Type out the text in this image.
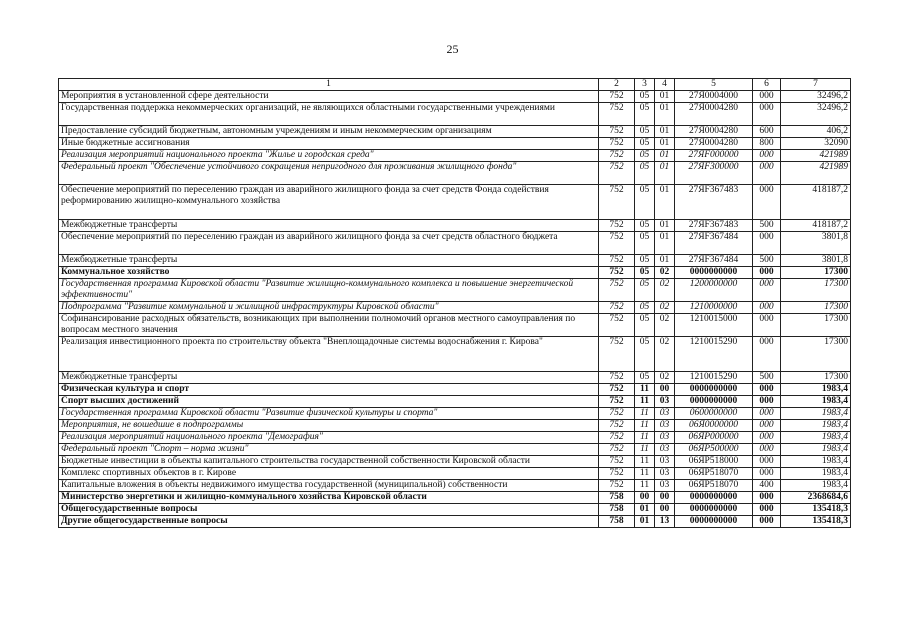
25
1	2	3	4	5	6	7
Мероприятия в установленной сфере деятельности	752	05	01	27Я0004000	000	32496,2
Государственная поддержка некоммерческих организаций, не являющихся областными государственными учреждениями	752	05	01	27Я0004280	000	32496,2
Предоставление субсидий бюджетным, автономным учреждениям и иным некоммерческим организациям	752	05	01	27Я0004280	600	406,2
Иные бюджетные ассигнования	752	05	01	27Я0004280	800	32090
Реализация мероприятий национального проекта "Жилье и городская среда"	752	05	01	27ЯF000000	000	421989
Федеральный проект "Обеспечение устойчивого сокращения непригодного для проживания жилищного фонда"	752	05	01	27ЯF300000	000	421989
Обеспечение мероприятий по переселению граждан из аварийного жилищного фонда за счет средств Фонда содействия реформированию жилищно-коммунального хозяйства	752	05	01	27ЯF367483	000	418187,2
Межбюджетные трансферты	752	05	01	27ЯF367483	500	418187,2
Обеспечение мероприятий по переселению граждан из аварийного жилищного фонда за счет средств областного бюджета	752	05	01	27ЯF367484	000	3801,8
Межбюджетные трансферты	752	05	01	27ЯF367484	500	3801,8
Коммунальное хозяйство	752	05	02	0000000000	000	17300
Государственная программа Кировской области "Развитие жилищно-коммунального комплекса и повышение энергетической эффективности"	752	05	02	1200000000	000	17300
Подпрограмма "Развитие коммунальной и жилищной инфраструктуры Кировской области"	752	05	02	1210000000	000	17300
Софинансирование расходных обязательств, возникающих при выполнении полномочий органов местного самоуправления по вопросам местного значения	752	05	02	1210015000	000	17300
Реализация инвестиционного проекта по строительству объекта "Внеплощадочные системы водоснабжения г. Кирова"	752	05	02	1210015290	000	17300
Межбюджетные трансферты	752	05	02	1210015290	500	17300
Физическая культура и спорт	752	11	00	0000000000	000	1983,4
Спорт высших достижений	752	11	03	0000000000	000	1983,4
Государственная программа Кировской области "Развитие физической культуры и спорта"	752	11	03	0600000000	000	1983,4
Мероприятия, не вошедшие в подпрограммы	752	11	03	06Я0000000	000	1983,4
Реализация мероприятий национального проекта "Демография"	752	11	03	06ЯP000000	000	1983,4
Федеральный проект "Спорт – норма жизни"	752	11	03	06ЯP500000	000	1983,4
Бюджетные инвестиции в объекты капитального строительства государственной собственности Кировской области	752	11	03	06ЯP518000	000	1983,4
Комплекс спортивных объектов в г. Кирове	752	11	03	06ЯP518070	000	1983,4
Капитальные вложения в объекты недвижимого имущества государственной (муниципальной) собственности	752	11	03	06ЯP518070	400	1983,4
Министерство энергетики и жилищно-коммунального хозяйства Кировской области	758	00	00	0000000000	000	2368684,6
Общегосударственные вопросы	758	01	00	0000000000	000	135418,3
Другие общегосударственные вопросы	758	01	13	0000000000	000	135418,3
